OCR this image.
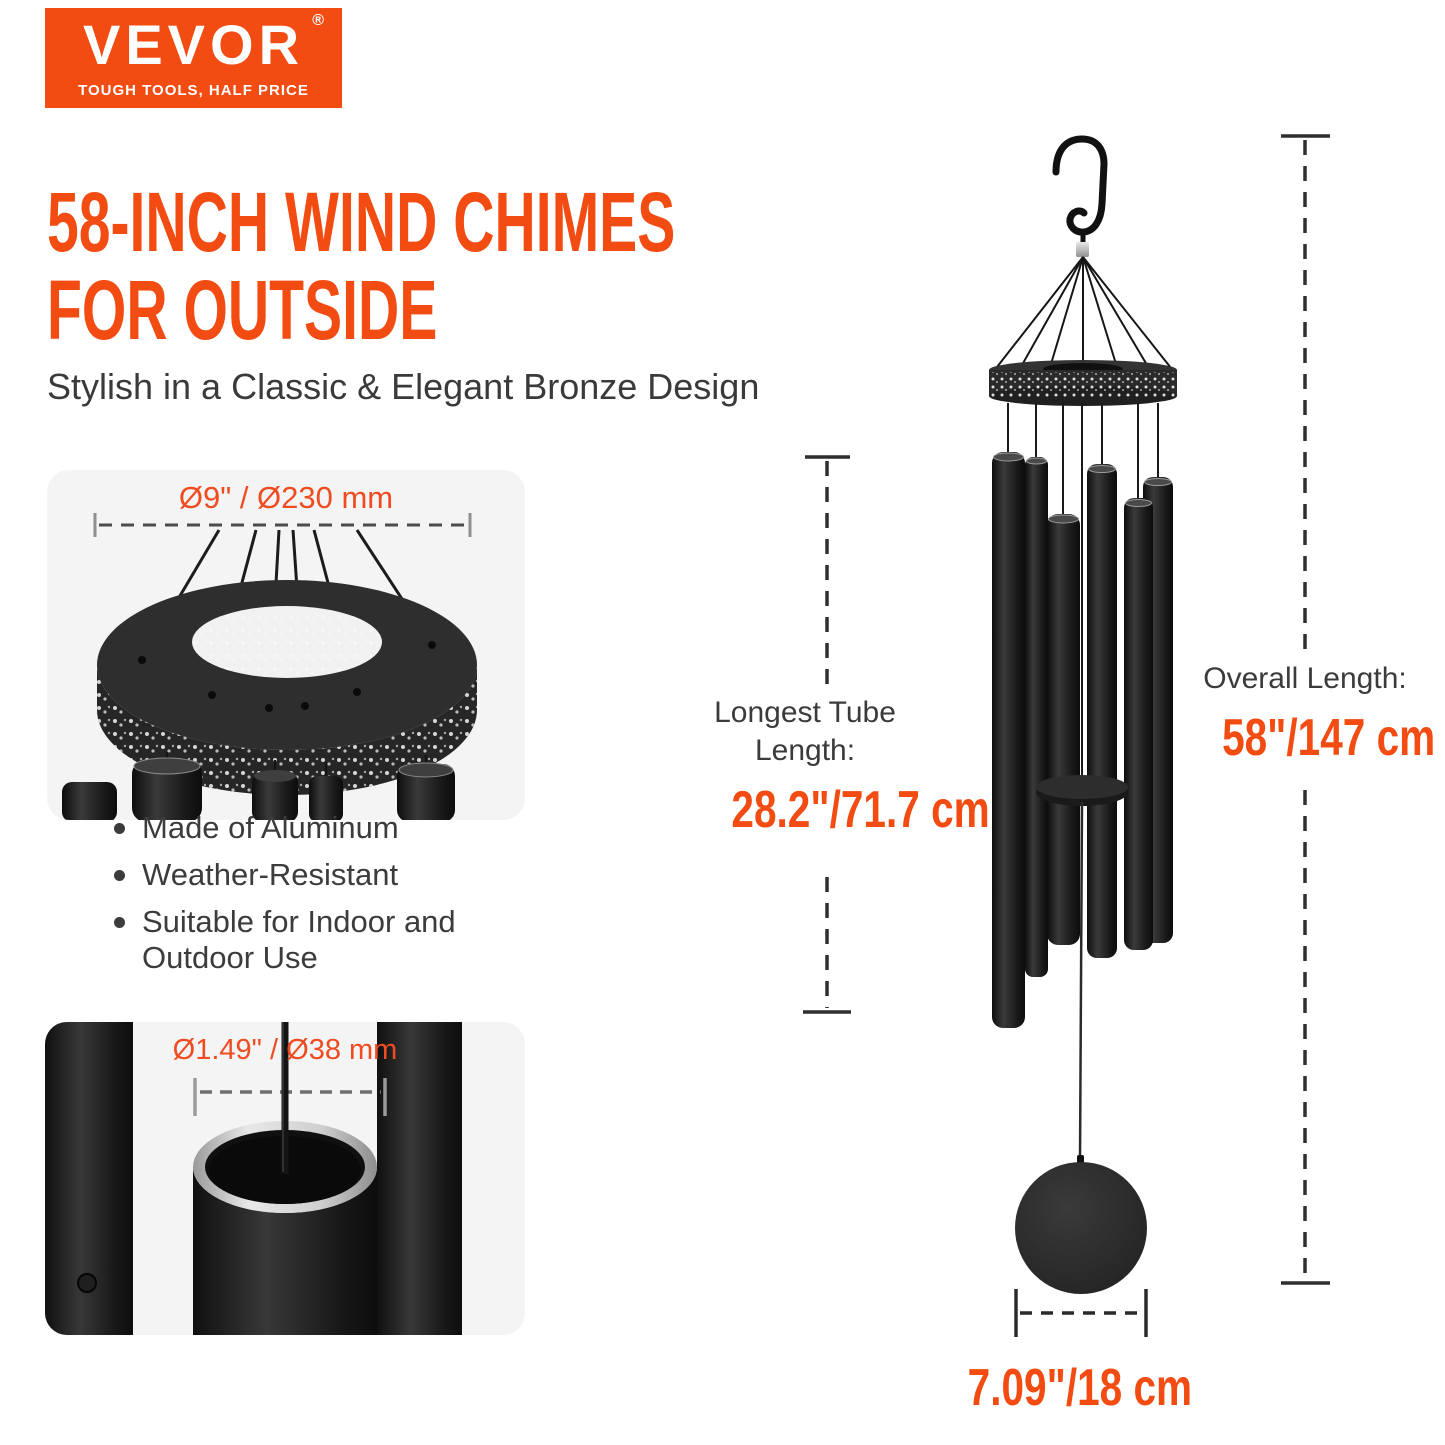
VEVOR ®
TOUGH TOOLS, HALF PRICE
58-INCH WIND CHIMES
FOR OUTSIDE
Stylish in a Classic & Elegant Bronze Design
Ø9" / Ø230 mm
Made of Aluminum
Weather-Resistant
Suitable for Indoor and Outdoor Use
Ø1.49" / Ø38 mm
Longest Tube
Length:
28.2"/71.7 cm
Overall Length:
58"/147 cm
7.09"/18 cm
